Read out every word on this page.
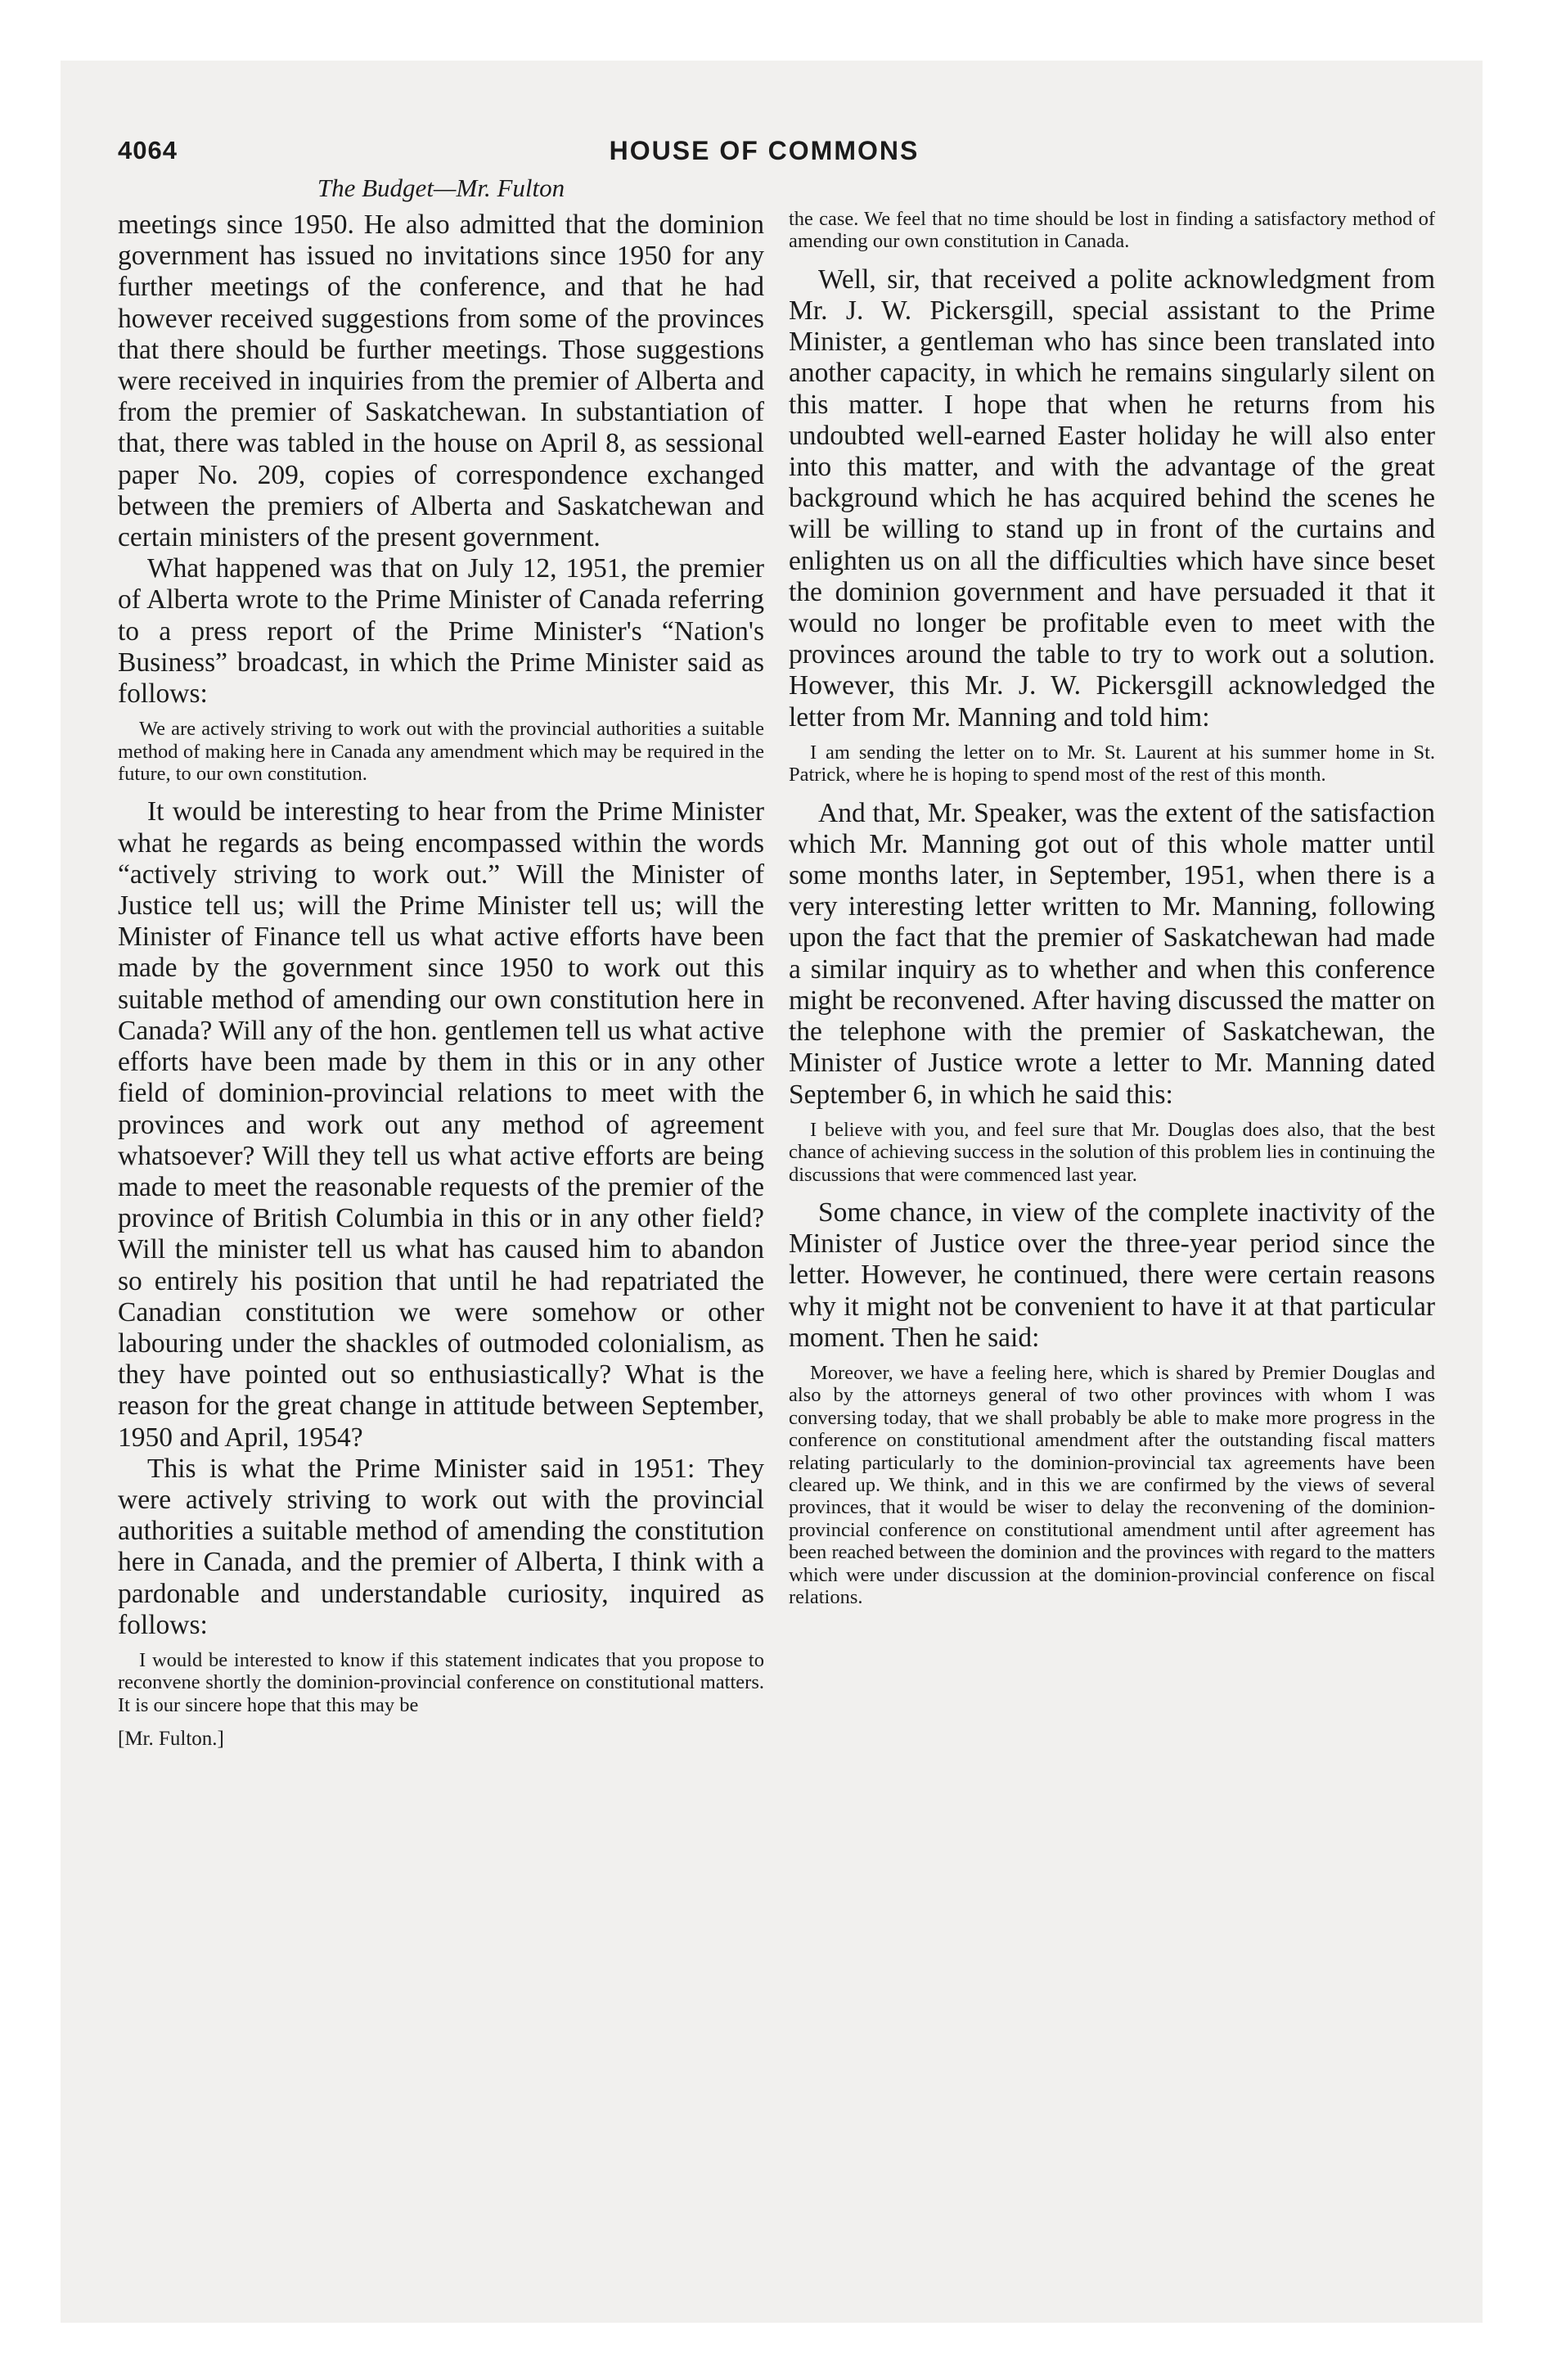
4064	HOUSE OF COMMONS
The Budget—Mr. Fulton

meetings since 1950. He also admitted that the dominion government has issued no invitations since 1950 for any further meetings of the conference, and that he had however received suggestions from some of the provinces that there should be further meetings. Those suggestions were received in inquiries from the premier of Alberta and from the premier of Saskatchewan. In substantiation of that, there was tabled in the house on April 8, as sessional paper No. 209, copies of correspondence exchanged between the premiers of Alberta and Saskatchewan and certain ministers of the present government.

What happened was that on July 12, 1951, the premier of Alberta wrote to the Prime Minister of Canada referring to a press report of the Prime Minister's “Nation's Business” broadcast, in which the Prime Minister said as follows:

We are actively striving to work out with the provincial authorities a suitable method of making here in Canada any amendment which may be required in the future, to our own constitution.

It would be interesting to hear from the Prime Minister what he regards as being encompassed within the words “actively striving to work out.” Will the Minister of Justice tell us; will the Prime Minister tell us; will the Minister of Finance tell us what active efforts have been made by the government since 1950 to work out this suitable method of amending our own constitution here in Canada? Will any of the hon. gentlemen tell us what active efforts have been made by them in this or in any other field of dominion-provincial relations to meet with the provinces and work out any method of agreement whatsoever? Will they tell us what active efforts are being made to meet the reasonable requests of the premier of the province of British Columbia in this or in any other field? Will the minister tell us what has caused him to abandon so entirely his position that until he had repatriated the Canadian constitution we were somehow or other labouring under the shackles of outmoded colonialism, as they have pointed out so enthusiastically? What is the reason for the great change in attitude between September, 1950 and April, 1954?

This is what the Prime Minister said in 1951: They were actively striving to work out with the provincial authorities a suitable method of amending the constitution here in Canada, and the premier of Alberta, I think with a pardonable and understandable curiosity, inquired as follows:

I would be interested to know if this statement indicates that you propose to reconvene shortly the dominion-provincial conference on constitutional matters. It is our sincere hope that this may be

[Mr. Fulton.]

the case. We feel that no time should be lost in finding a satisfactory method of amending our own constitution in Canada.

Well, sir, that received a polite acknowledgment from Mr. J. W. Pickersgill, special assistant to the Prime Minister, a gentleman who has since been translated into another capacity, in which he remains singularly silent on this matter. I hope that when he returns from his undoubted well-earned Easter holiday he will also enter into this matter, and with the advantage of the great background which he has acquired behind the scenes he will be willing to stand up in front of the curtains and enlighten us on all the difficulties which have since beset the dominion government and have persuaded it that it would no longer be profitable even to meet with the provinces around the table to try to work out a solution. However, this Mr. J. W. Pickersgill acknowledged the letter from Mr. Manning and told him:

I am sending the letter on to Mr. St. Laurent at his summer home in St. Patrick, where he is hoping to spend most of the rest of this month.

And that, Mr. Speaker, was the extent of the satisfaction which Mr. Manning got out of this whole matter until some months later, in September, 1951, when there is a very interesting letter written to Mr. Manning, following upon the fact that the premier of Saskatchewan had made a similar inquiry as to whether and when this conference might be reconvened. After having discussed the matter on the telephone with the premier of Saskatchewan, the Minister of Justice wrote a letter to Mr. Manning dated September 6, in which he said this:

I believe with you, and feel sure that Mr. Douglas does also, that the best chance of achieving success in the solution of this problem lies in continuing the discussions that were commenced last year.

Some chance, in view of the complete inactivity of the Minister of Justice over the three-year period since the letter. However, he continued, there were certain reasons why it might not be convenient to have it at that particular moment. Then he said:

Moreover, we have a feeling here, which is shared by Premier Douglas and also by the attorneys general of two other provinces with whom I was conversing today, that we shall probably be able to make more progress in the conference on constitutional amendment after the outstanding fiscal matters relating particularly to the dominion-provincial tax agreements have been cleared up. We think, and in this we are confirmed by the views of several provinces, that it would be wiser to delay the reconvening of the dominion-provincial conference on constitutional amendment until after agreement has been reached between the dominion and the provinces with regard to the matters which were under discussion at the dominion-provincial conference on fiscal relations.
